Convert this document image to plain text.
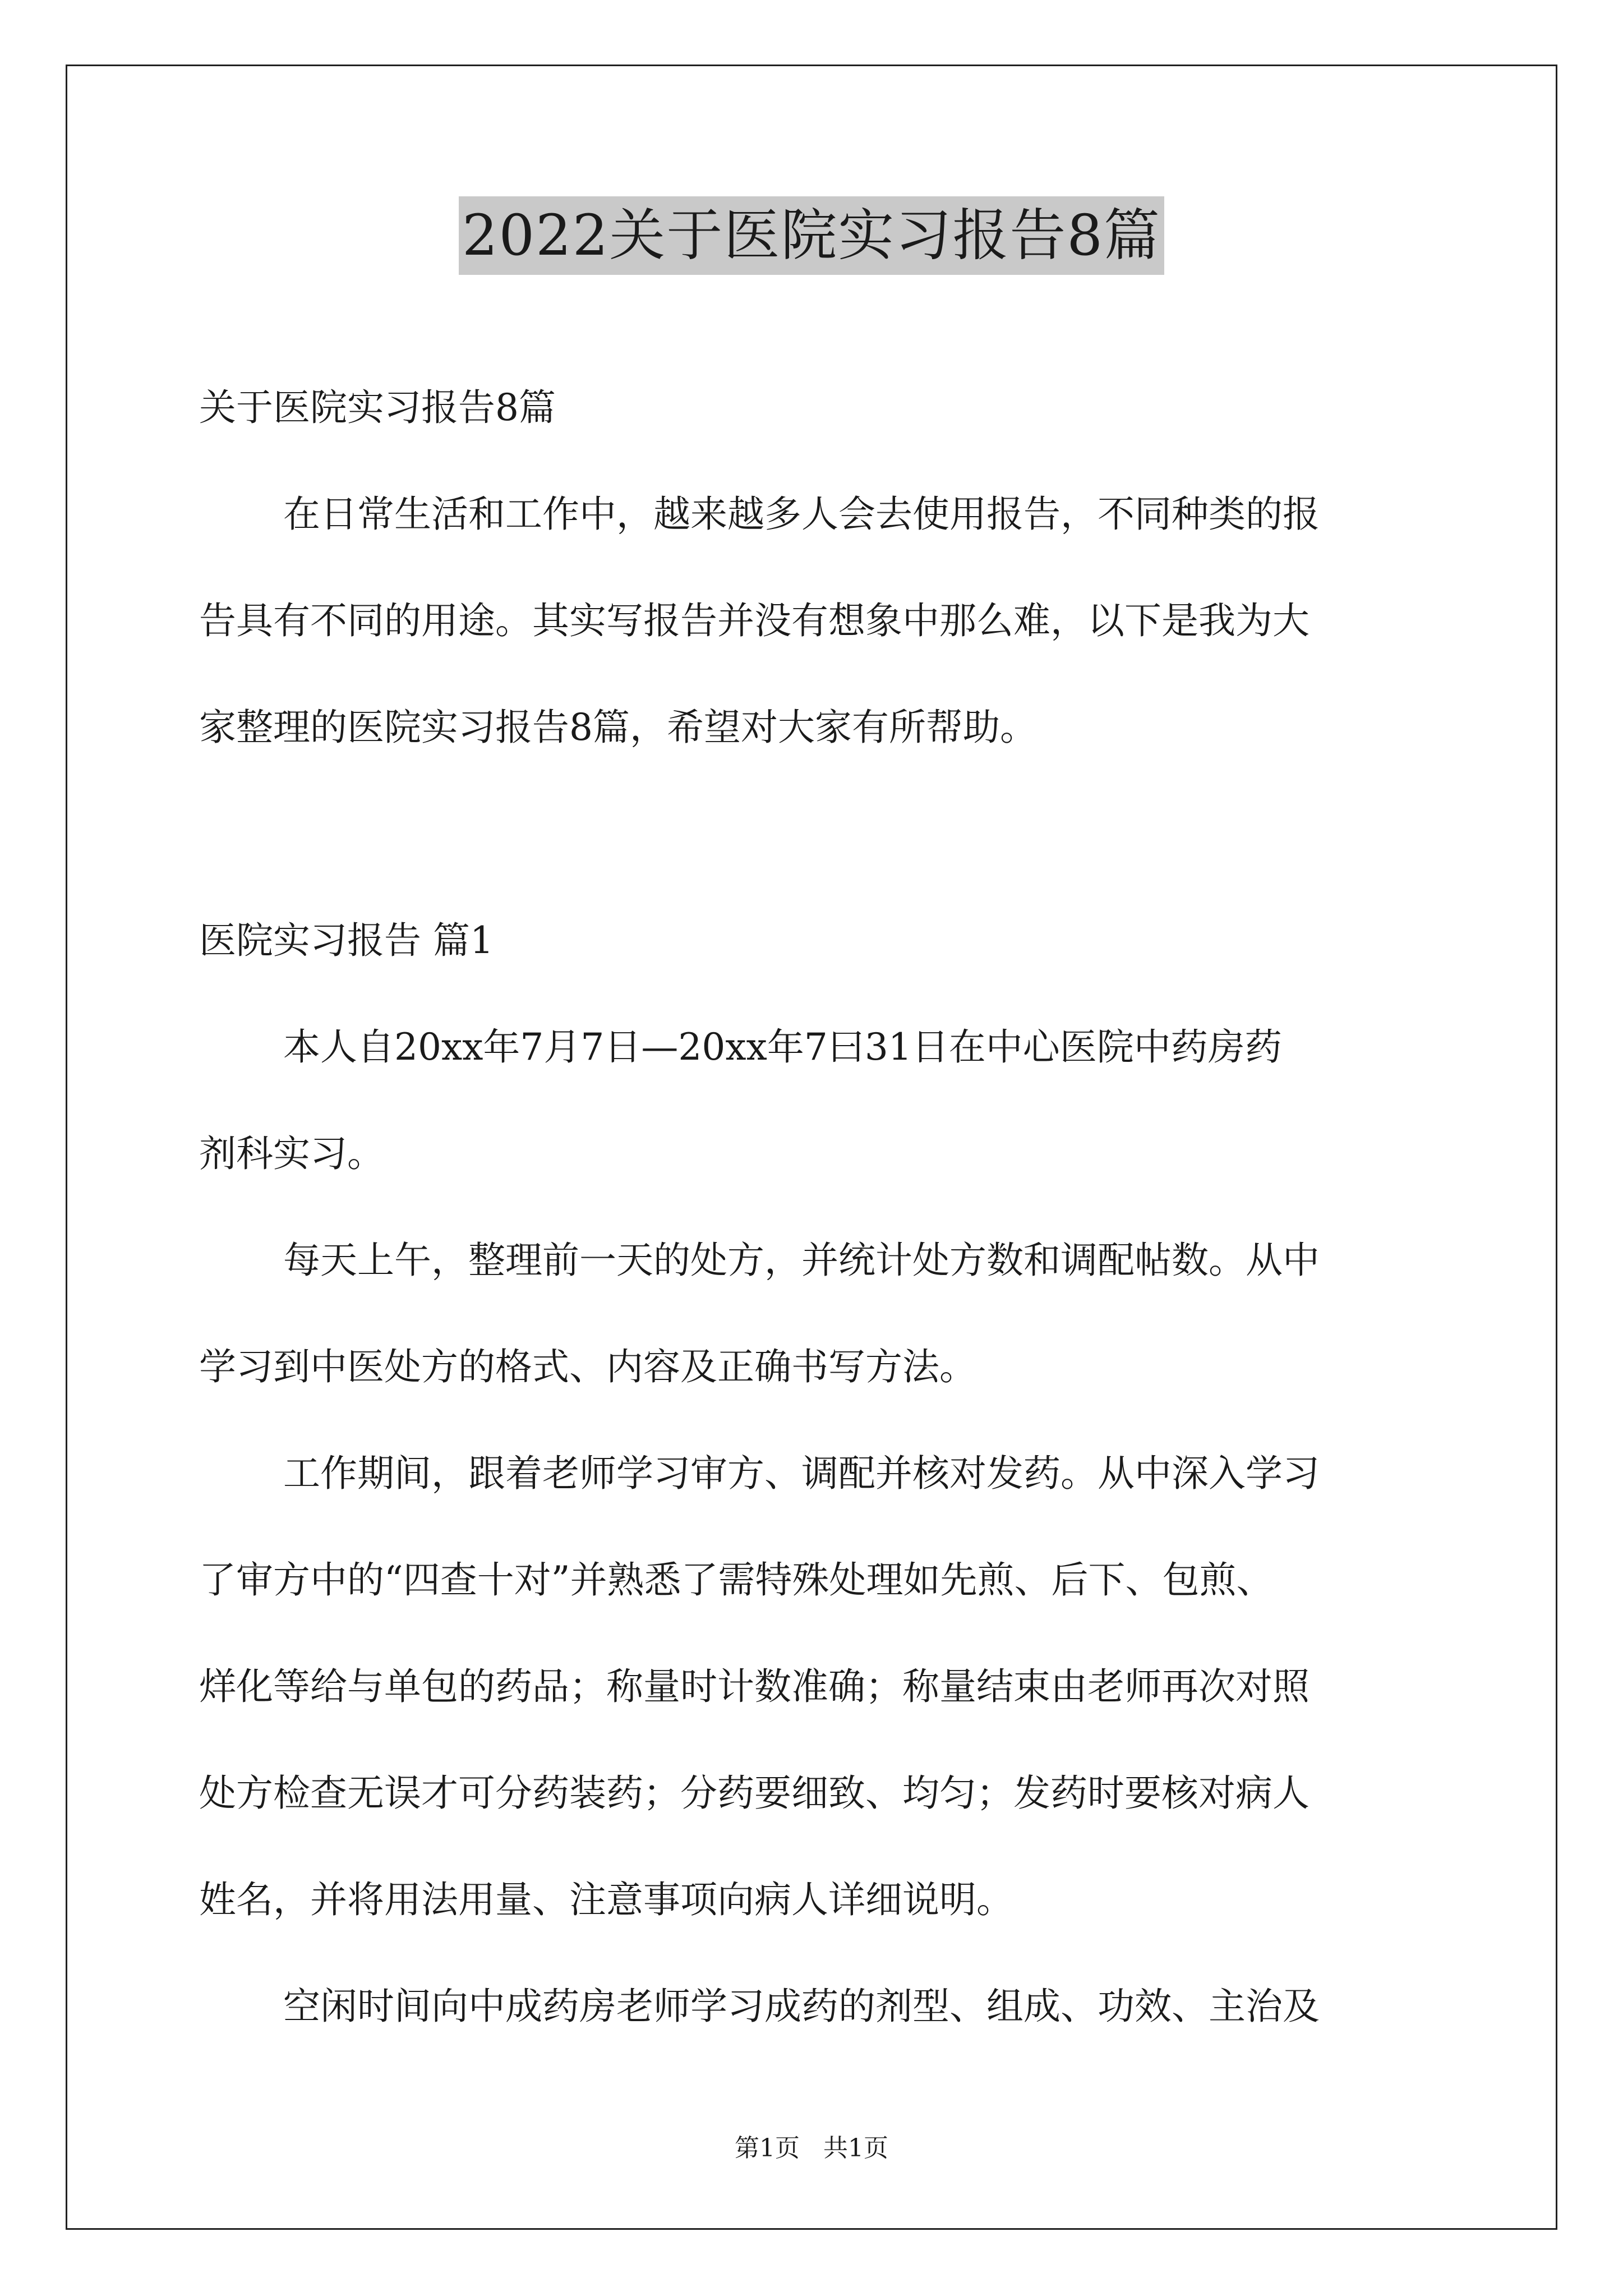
2022关于医院实习报告8篇

关于医院实习报告8篇

在日常生活和工作中，越来越多人会去使用报告，不同种类的报

告具有不同的用途。其实写报告并没有想象中那么难，以下是我为大

家整理的医院实习报告8篇，希望对大家有所帮助。

医院实习报告 篇1

本人自20xx年7月7日—20xx年7曰31日在中心医院中药房药

剂科实习。

每天上午，整理前一天的处方，并统计处方数和调配帖数。从中

学习到中医处方的格式、内容及正确书写方法。

工作期间，跟着老师学习审方、调配并核对发药。从中深入学习

了审方中的“四查十对”并熟悉了需特殊处理如先煎、后下、包煎、

烊化等给与单包的药品；称量时计数准确；称量结束由老师再次对照

处方检查无误才可分药装药；分药要细致、均匀；发药时要核对病人

姓名，并将用法用量、注意事项向病人详细说明。

空闲时间向中成药房老师学习成药的剂型、组成、功效、主治及

第1页 共1页
